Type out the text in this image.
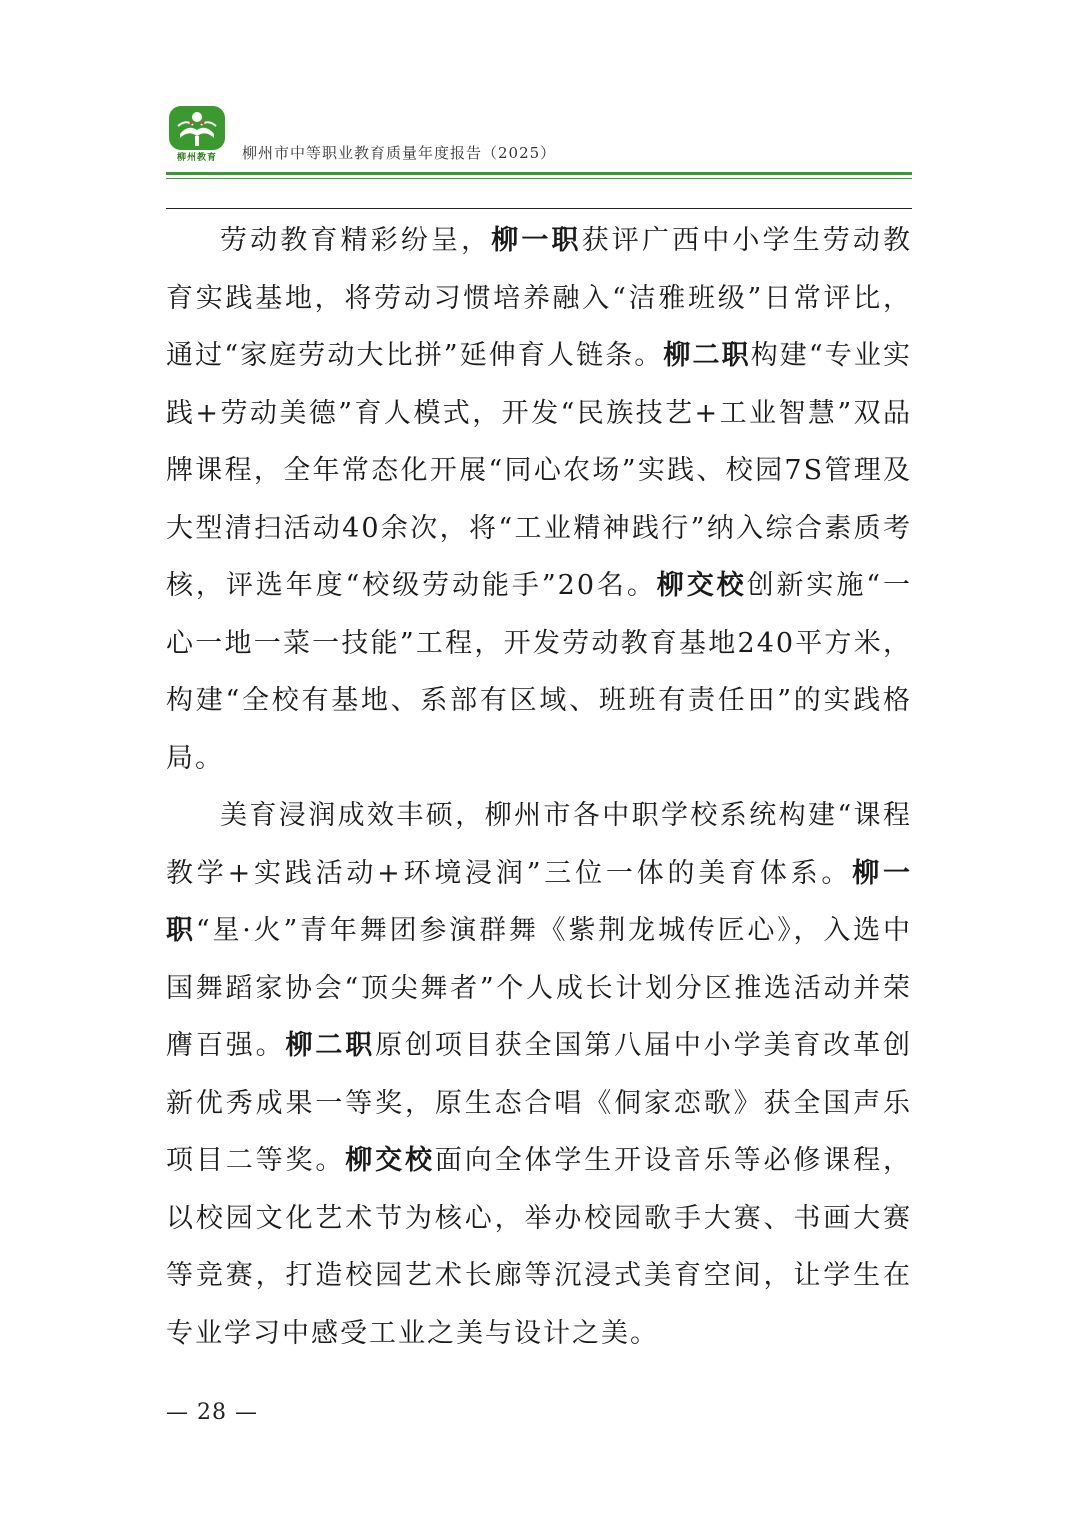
柳州教育	柳州市中等职业教育质量年度报告（2025）

劳动教育精彩纷呈，柳一职获评广西中小学生劳动教育实践基地，将劳动习惯培养融入“洁雅班级”日常评比，通过“家庭劳动大比拼”延伸育人链条。柳二职构建“专业实践+劳动美德”育人模式，开发“民族技艺+工业智慧”双品牌课程，全年常态化开展“同心农场”实践、校园7S管理及大型清扫活动40余次，将“工业精神践行”纳入综合素质考核，评选年度“校级劳动能手”20名。柳交校创新实施“一心一地一菜一技能”工程，开发劳动教育基地240平方米，构建“全校有基地、系部有区域、班班有责任田”的实践格局。

美育浸润成效丰硕，柳州市各中职学校系统构建“课程教学+实践活动+环境浸润”三位一体的美育体系。柳一职“星·火”青年舞团参演群舞《紫荆龙城传匠心》，入选中国舞蹈家协会“顶尖舞者”个人成长计划分区推选活动并荣膺百强。柳二职原创项目获全国第八届中小学美育改革创新优秀成果一等奖，原生态合唱《侗家恋歌》获全国声乐项目二等奖。柳交校面向全体学生开设音乐等必修课程，以校园文化艺术节为核心，举办校园歌手大赛、书画大赛等竞赛，打造校园艺术长廊等沉浸式美育空间，让学生在专业学习中感受工业之美与设计之美。

— 28 —
